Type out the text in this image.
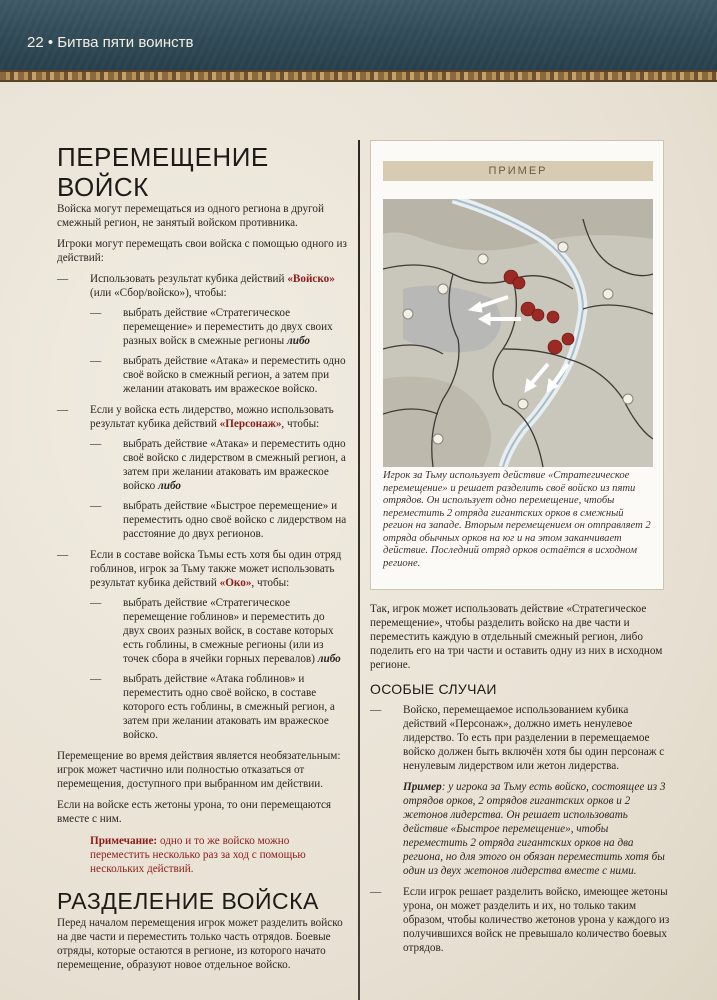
22 • Битва пяти воинств
ПЕРЕМЕЩЕНИЕ ВОЙСК

Войска могут перемещаться из одного региона в другой смежный регион, не занятый войском противника.

Игроки могут перемещать свои войска с помощью одного из действий:

— Использовать результат кубика действий «Войско» (или «Сбор/войско»), чтобы:
— выбрать действие «Стратегическое перемещение» и переместить до двух своих разных войск в смежные регионы либо
— выбрать действие «Атака» и переместить одно своё войско в смежный регион, а затем при желании атаковать им вражеское войско.
— Если у войска есть лидерство, можно использовать результат кубика действий «Персонаж», чтобы:
— выбрать действие «Атака» и переместить одно своё войско с лидерством в смежный регион, а затем при желании атаковать им вражеское войско либо
— выбрать действие «Быстрое перемещение» и переместить одно своё войско с лидерством на расстояние до двух регионов.
— Если в составе войска Тьмы есть хотя бы один отряд гоблинов, игрок за Тьму также может использовать результат кубика действий «Око», чтобы:
— выбрать действие «Стратегическое перемещение гоблинов» и переместить до двух своих разных войск, в составе которых есть гоблины, в смежные регионы (или из точек сбора в ячейки горных перевалов) либо
— выбрать действие «Атака гоблинов» и переместить одно своё войско, в составе которого есть гоблины, в смежный регион, а затем при желании атаковать им вражеское войско.

Перемещение во время действия является необязательным: игрок может частично или полностью отказаться от перемещения, доступного при выбранном им действии.

Если на войске есть жетоны урона, то они перемещаются вместе с ним.

Примечание: одно и то же войско можно переместить несколько раз за ход с помощью нескольких действий.
РАЗДЕЛЕНИЕ ВОЙСКА

Перед началом перемещения игрок может разделить войско на две части и переместить только часть отрядов. Боевые отряды, которые остаются в регионе, из которого начато перемещение, образуют новое отдельное войско.

ПРИМЕР
Игрок за Тьму использует действие «Стратегическое перемещение» и решает разделить своё войско из пяти отрядов. Он использует одно перемещение, чтобы переместить 2 отряда гигантских орков в смежный регион на западе. Вторым перемещением он отправляет 2 отряда обычных орков на юг и на этом заканчивает действие. Последний отряд орков остаётся в исходном регионе.

Так, игрок может использовать действие «Стратегическое перемещение», чтобы разделить войско на две части и переместить каждую в отдельный смежный регион, либо поделить его на три части и оставить одну из них в исходном регионе.

ОСОБЫЕ СЛУЧАИ
— Войско, перемещаемое использованием кубика действий «Персонаж», должно иметь ненулевое лидерство. То есть при разделении в перемещаемое войско должен быть включён хотя бы один персонаж с ненулевым лидерством или жетон лидерства.

Пример: у игрока за Тьму есть войско, состоящее из 3 отрядов орков, 2 отрядов гигантских орков и 2 жетонов лидерства. Он решает использовать действие «Быстрое перемещение», чтобы переместить 2 отряда гигантских орков на два региона, но для этого он обязан переместить хотя бы один из двух жетонов лидерства вместе с ними.

— Если игрок решает разделить войско, имеющее жетоны урона, он может разделить и их, но только таким образом, чтобы количество жетонов урона у каждого из получившихся войск не превышало количество боевых отрядов.
